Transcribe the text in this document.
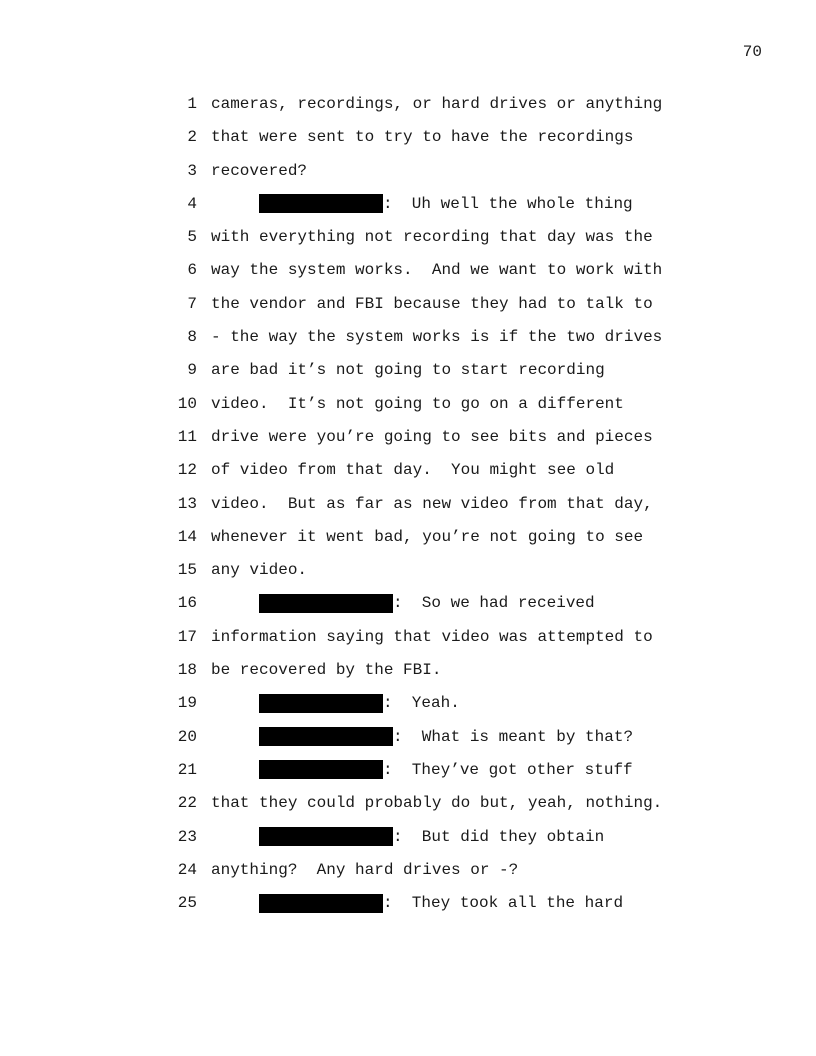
70
1 cameras, recordings, or hard drives or anything
2 that were sent to try to have the recordings
3 recovered?
4	:  Uh well the whole thing
5 with everything not recording that day was the
6 way the system works.  And we want to work with
7 the vendor and FBI because they had to talk to
8 - the way the system works is if the two drives
9 are bad it’s not going to start recording
10 video.  It’s not going to go on a different
11 drive were you’re going to see bits and pieces
12 of video from that day.  You might see old
13 video.  But as far as new video from that day,
14 whenever it went bad, you’re not going to see
15 any video.
16	:  So we had received
17 information saying that video was attempted to
18 be recovered by the FBI.
19	:  Yeah.
20	:  What is meant by that?
21	:  They’ve got other stuff
22 that they could probably do but, yeah, nothing.
23	:  But did they obtain
24 anything?  Any hard drives or -?
25	:  They took all the hard
